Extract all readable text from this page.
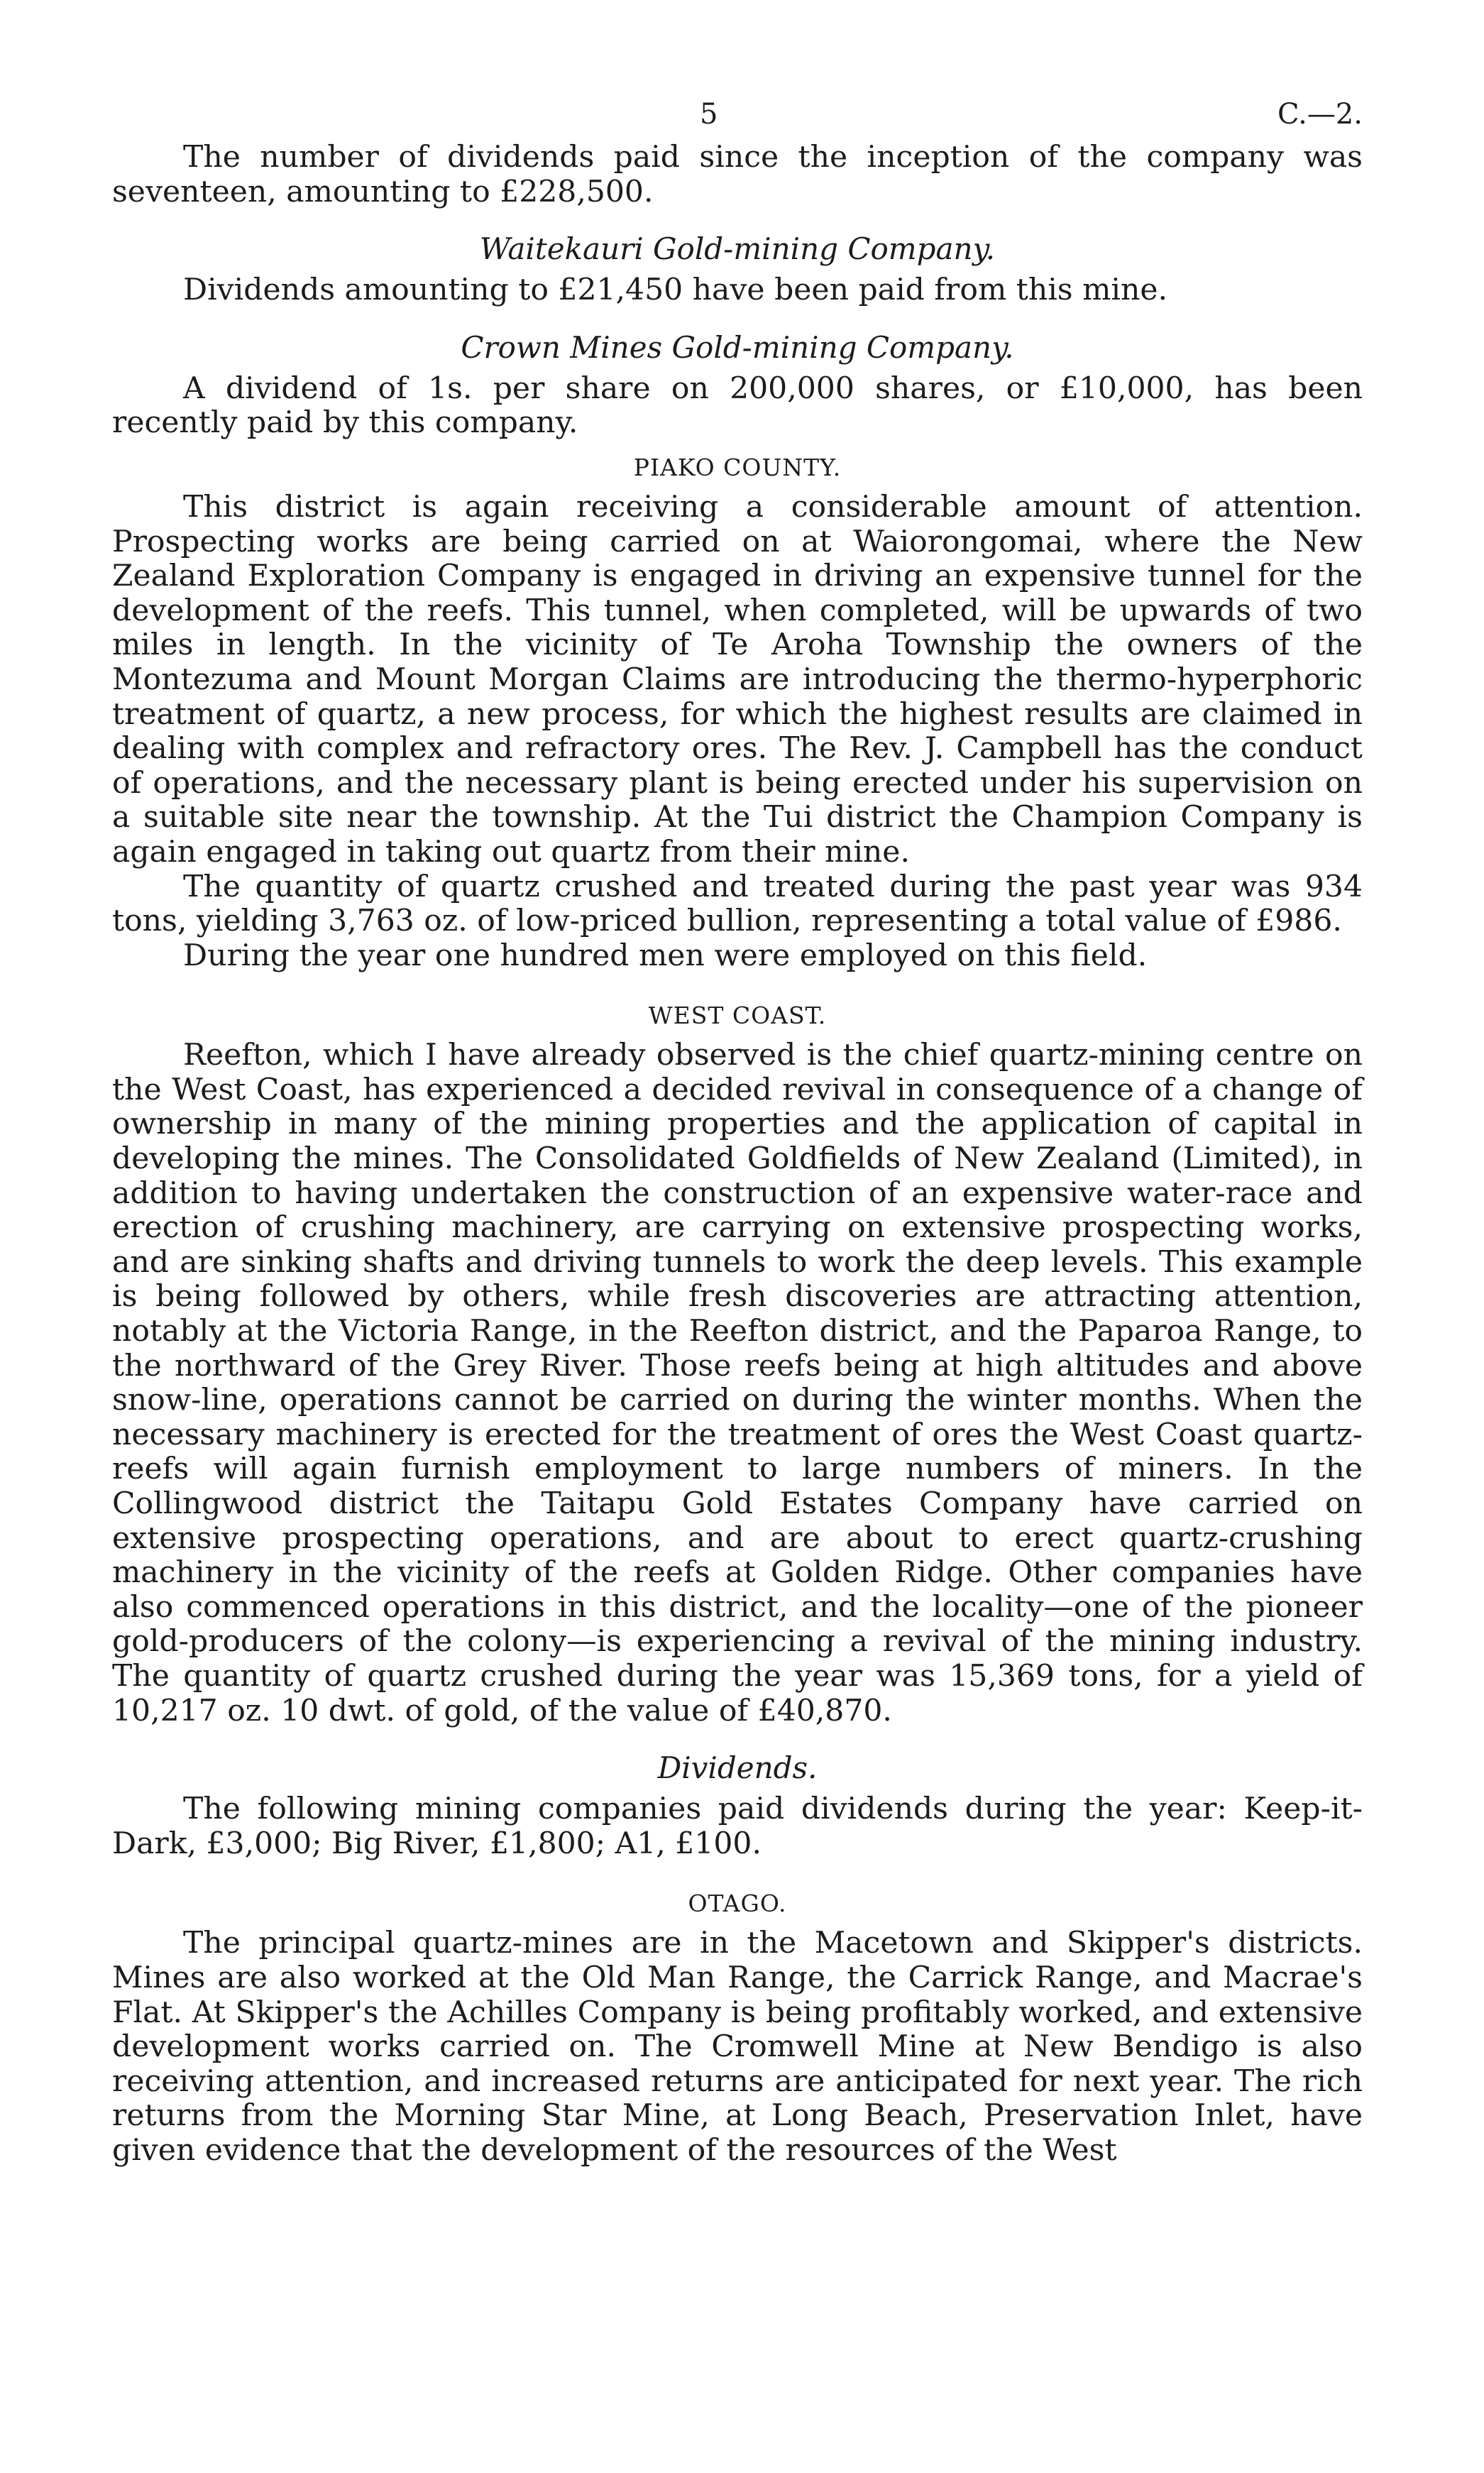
5	C.—2.

The number of dividends paid since the inception of the company was seventeen, amounting to £228,500.

Waitekauri Gold-mining Company.

Dividends amounting to £21,450 have been paid from this mine.

Crown Mines Gold-mining Company.

A dividend of 1s. per share on 200,000 shares, or £10,000, has been recently paid by this company.

PIAKO COUNTY.

This district is again receiving a considerable amount of attention. Prospecting works are being carried on at Waiorongomai, where the New Zealand Exploration Company is engaged in driving an expensive tunnel for the development of the reefs. This tunnel, when completed, will be upwards of two miles in length. In the vicinity of Te Aroha Township the owners of the Montezuma and Mount Morgan Claims are introducing the thermo-hyperphoric treatment of quartz, a new process, for which the highest results are claimed in dealing with complex and refractory ores. The Rev. J. Campbell has the conduct of operations, and the necessary plant is being erected under his supervision on a suitable site near the township. At the Tui district the Champion Company is again engaged in taking out quartz from their mine.

The quantity of quartz crushed and treated during the past year was 934 tons, yielding 3,763 oz. of low-priced bullion, representing a total value of £986.

During the year one hundred men were employed on this field.

WEST COAST.

Reefton, which I have already observed is the chief quartz-mining centre on the West Coast, has experienced a decided revival in consequence of a change of ownership in many of the mining properties and the application of capital in developing the mines. The Consolidated Goldfields of New Zealand (Limited), in addition to having undertaken the construction of an expensive water-race and erection of crushing machinery, are carrying on extensive prospecting works, and are sinking shafts and driving tunnels to work the deep levels. This example is being followed by others, while fresh discoveries are attracting attention, notably at the Victoria Range, in the Reefton district, and the Paparoa Range, to the northward of the Grey River. Those reefs being at high altitudes and above snow-line, operations cannot be carried on during the winter months. When the necessary machinery is erected for the treatment of ores the West Coast quartz-reefs will again furnish employment to large numbers of miners. In the Collingwood district the Taitapu Gold Estates Company have carried on extensive prospecting operations, and are about to erect quartz-crushing machinery in the vicinity of the reefs at Golden Ridge. Other companies have also commenced operations in this district, and the locality—one of the pioneer gold-producers of the colony—is experiencing a revival of the mining industry. The quantity of quartz crushed during the year was 15,369 tons, for a yield of 10,217 oz. 10 dwt. of gold, of the value of £40,870.

Dividends.

The following mining companies paid dividends during the year: Keep-it-Dark, £3,000; Big River, £1,800; A1, £100.

OTAGO.

The principal quartz-mines are in the Macetown and Skipper's districts. Mines are also worked at the Old Man Range, the Carrick Range, and Macrae's Flat. At Skipper's the Achilles Company is being profitably worked, and extensive development works carried on. The Cromwell Mine at New Bendigo is also receiving attention, and increased returns are anticipated for next year. The rich returns from the Morning Star Mine, at Long Beach, Preservation Inlet, have given evidence that the development of the resources of the West
